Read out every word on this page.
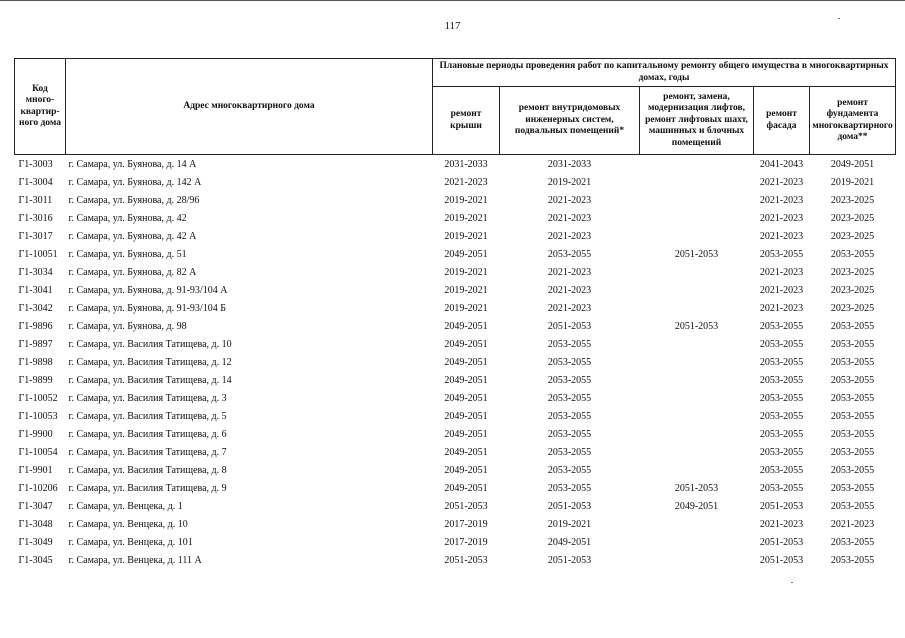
117
Код много-квартир-ного дома	Адрес многоквартирного дома	Плановые периоды проведения работ по капитальному ремонту общего имущества в многоквартирных домах, годы				
		ремонт крыши	ремонт внутридомовых инженерных систем, подвальных помещений*	ремонт, замена, модернизация лифтов, ремонт лифтовых шахт, машинных и блочных помещений	ремонт фасада	ремонт фундамента многоквартирного дома**
Г1-3003	г. Самара, ул. Буянова, д. 14 А	2031-2033	2031-2033		2041-2043	2049-2051
Г1-3004	г. Самара, ул. Буянова, д. 142 А	2021-2023	2019-2021		2021-2023	2019-2021
Г1-3011	г. Самара, ул. Буянова, д. 28/96	2019-2021	2021-2023		2021-2023	2023-2025
Г1-3016	г. Самара, ул. Буянова, д. 42	2019-2021	2021-2023		2021-2023	2023-2025
Г1-3017	г. Самара, ул. Буянова, д. 42 А	2019-2021	2021-2023		2021-2023	2023-2025
Г1-10051	г. Самара, ул. Буянова, д. 51	2049-2051	2053-2055	2051-2053	2053-2055	2053-2055
Г1-3034	г. Самара, ул. Буянова, д. 82 А	2019-2021	2021-2023		2021-2023	2023-2025
Г1-3041	г. Самара, ул. Буянова, д. 91-93/104 А	2019-2021	2021-2023		2021-2023	2023-2025
Г1-3042	г. Самара, ул. Буянова, д. 91-93/104 Б	2019-2021	2021-2023		2021-2023	2023-2025
Г1-9896	г. Самара, ул. Буянова, д. 98	2049-2051	2051-2053	2051-2053	2053-2055	2053-2055
Г1-9897	г. Самара, ул. Василия Татищева, д. 10	2049-2051	2053-2055		2053-2055	2053-2055
Г1-9898	г. Самара, ул. Василия Татищева, д. 12	2049-2051	2053-2055		2053-2055	2053-2055
Г1-9899	г. Самара, ул. Василия Татищева, д. 14	2049-2051	2053-2055		2053-2055	2053-2055
Г1-10052	г. Самара, ул. Василия Татищева, д. 3	2049-2051	2053-2055		2053-2055	2053-2055
Г1-10053	г. Самара, ул. Василия Татищева, д. 5	2049-2051	2053-2055		2053-2055	2053-2055
Г1-9900	г. Самара, ул. Василия Татищева, д. 6	2049-2051	2053-2055		2053-2055	2053-2055
Г1-10054	г. Самара, ул. Василия Татищева, д. 7	2049-2051	2053-2055		2053-2055	2053-2055
Г1-9901	г. Самара, ул. Василия Татищева, д. 8	2049-2051	2053-2055		2053-2055	2053-2055
Г1-10206	г. Самара, ул. Василия Татищева, д. 9	2049-2051	2053-2055	2051-2053	2053-2055	2053-2055
Г1-3047	г. Самара, ул. Венцека, д. 1	2051-2053	2051-2053	2049-2051	2051-2053	2053-2055
Г1-3048	г. Самара, ул. Венцека, д. 10	2017-2019	2019-2021		2021-2023	2021-2023
Г1-3049	г. Самара, ул. Венцека, д. 101	2017-2019	2049-2051		2051-2053	2053-2055
Г1-3045	г. Самара, ул. Венцека, д. 111 А	2051-2053	2051-2053		2051-2053	2053-2055
